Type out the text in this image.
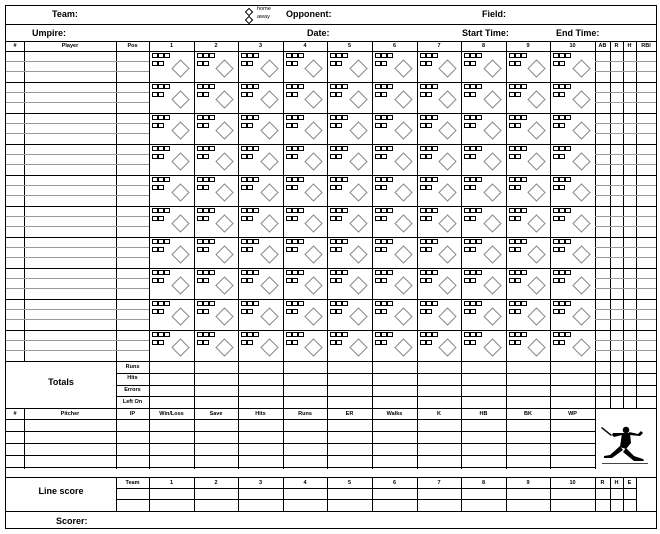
Team:	home
away Opponent:	Field:
Umpire:	Date:	Start Time:	End Time:
#	Player	Pos	1	2	3	4	5	6	7	8	9	10	AB	R	H	RBI
Totals
Runs
Hits
Errors
Left On
#	Pitcher	IP	Win/Loss	Save	Hits	Runs	ER	Walks	K	HB	BK	WP
Team	1	2	3	4	5	6	7	8	9	10	R	H	E
Line score
Scorer:
